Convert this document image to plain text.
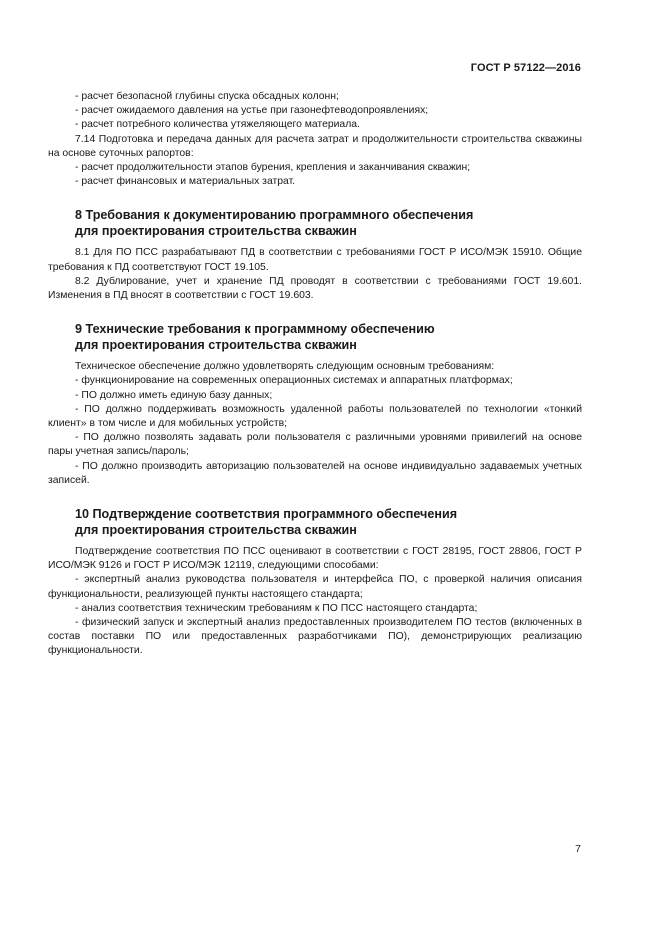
ГОСТ Р 57122—2016

- расчет безопасной глубины спуска обсадных колонн;

- расчет ожидаемого давления на устье при газонефтеводопроявлениях;

- расчет потребного количества утяжеляющего материала.

7.14 Подготовка и передача данных для расчета затрат и продолжительности строительства скважины на основе суточных рапортов:

- расчет продолжительности этапов бурения, крепления и заканчивания скважин;

- расчет финансовых и материальных затрат.

8 Требования к документированию программного обеспечения

для проектирования строительства скважин

8.1 Для ПО ПСС разрабатывают ПД в соответствии с требованиями ГОСТ Р ИСО/МЭК 15910. Общие требования к ПД соответствуют ГОСТ 19.105.

8.2 Дублирование, учет и хранение ПД проводят в соответствии с требованиями ГОСТ 19.601. Изменения в ПД вносят в соответствии с ГОСТ 19.603.

9 Технические требования к программному обеспечению

для проектирования строительства скважин

Техническое обеспечение должно удовлетворять следующим основным требованиям:

- функционирование на современных операционных системах и аппаратных платформах;

- ПО должно иметь единую базу данных;

- ПО должно поддерживать возможность удаленной работы пользователей по технологии «тонкий клиент» в том числе и для мобильных устройств;

- ПО должно позволять задавать роли пользователя с различными уровнями привилегий на основе пары учетная запись/пароль;

- ПО должно производить авторизацию пользователей на основе индивидуально задаваемых учетных записей.

10 Подтверждение соответствия программного обеспечения

для проектирования строительства скважин

Подтверждение соответствия ПО ПСС оценивают в соответствии с ГОСТ 28195, ГОСТ 28806, ГОСТ Р ИСО/МЭК 9126 и ГОСТ Р ИСО/МЭК 12119, следующими способами:

- экспертный анализ руководства пользователя и интерфейса ПО, с проверкой наличия описания функциональности, реализующей пункты настоящего стандарта;

- анализ соответствия техническим требованиям к ПО ПСС настоящего стандарта;

- физический запуск и экспертный анализ предоставленных производителем ПО тестов (включенных в состав поставки ПО или предоставленных разработчиками ПО), демонстрирующих реализацию функциональности.

7
